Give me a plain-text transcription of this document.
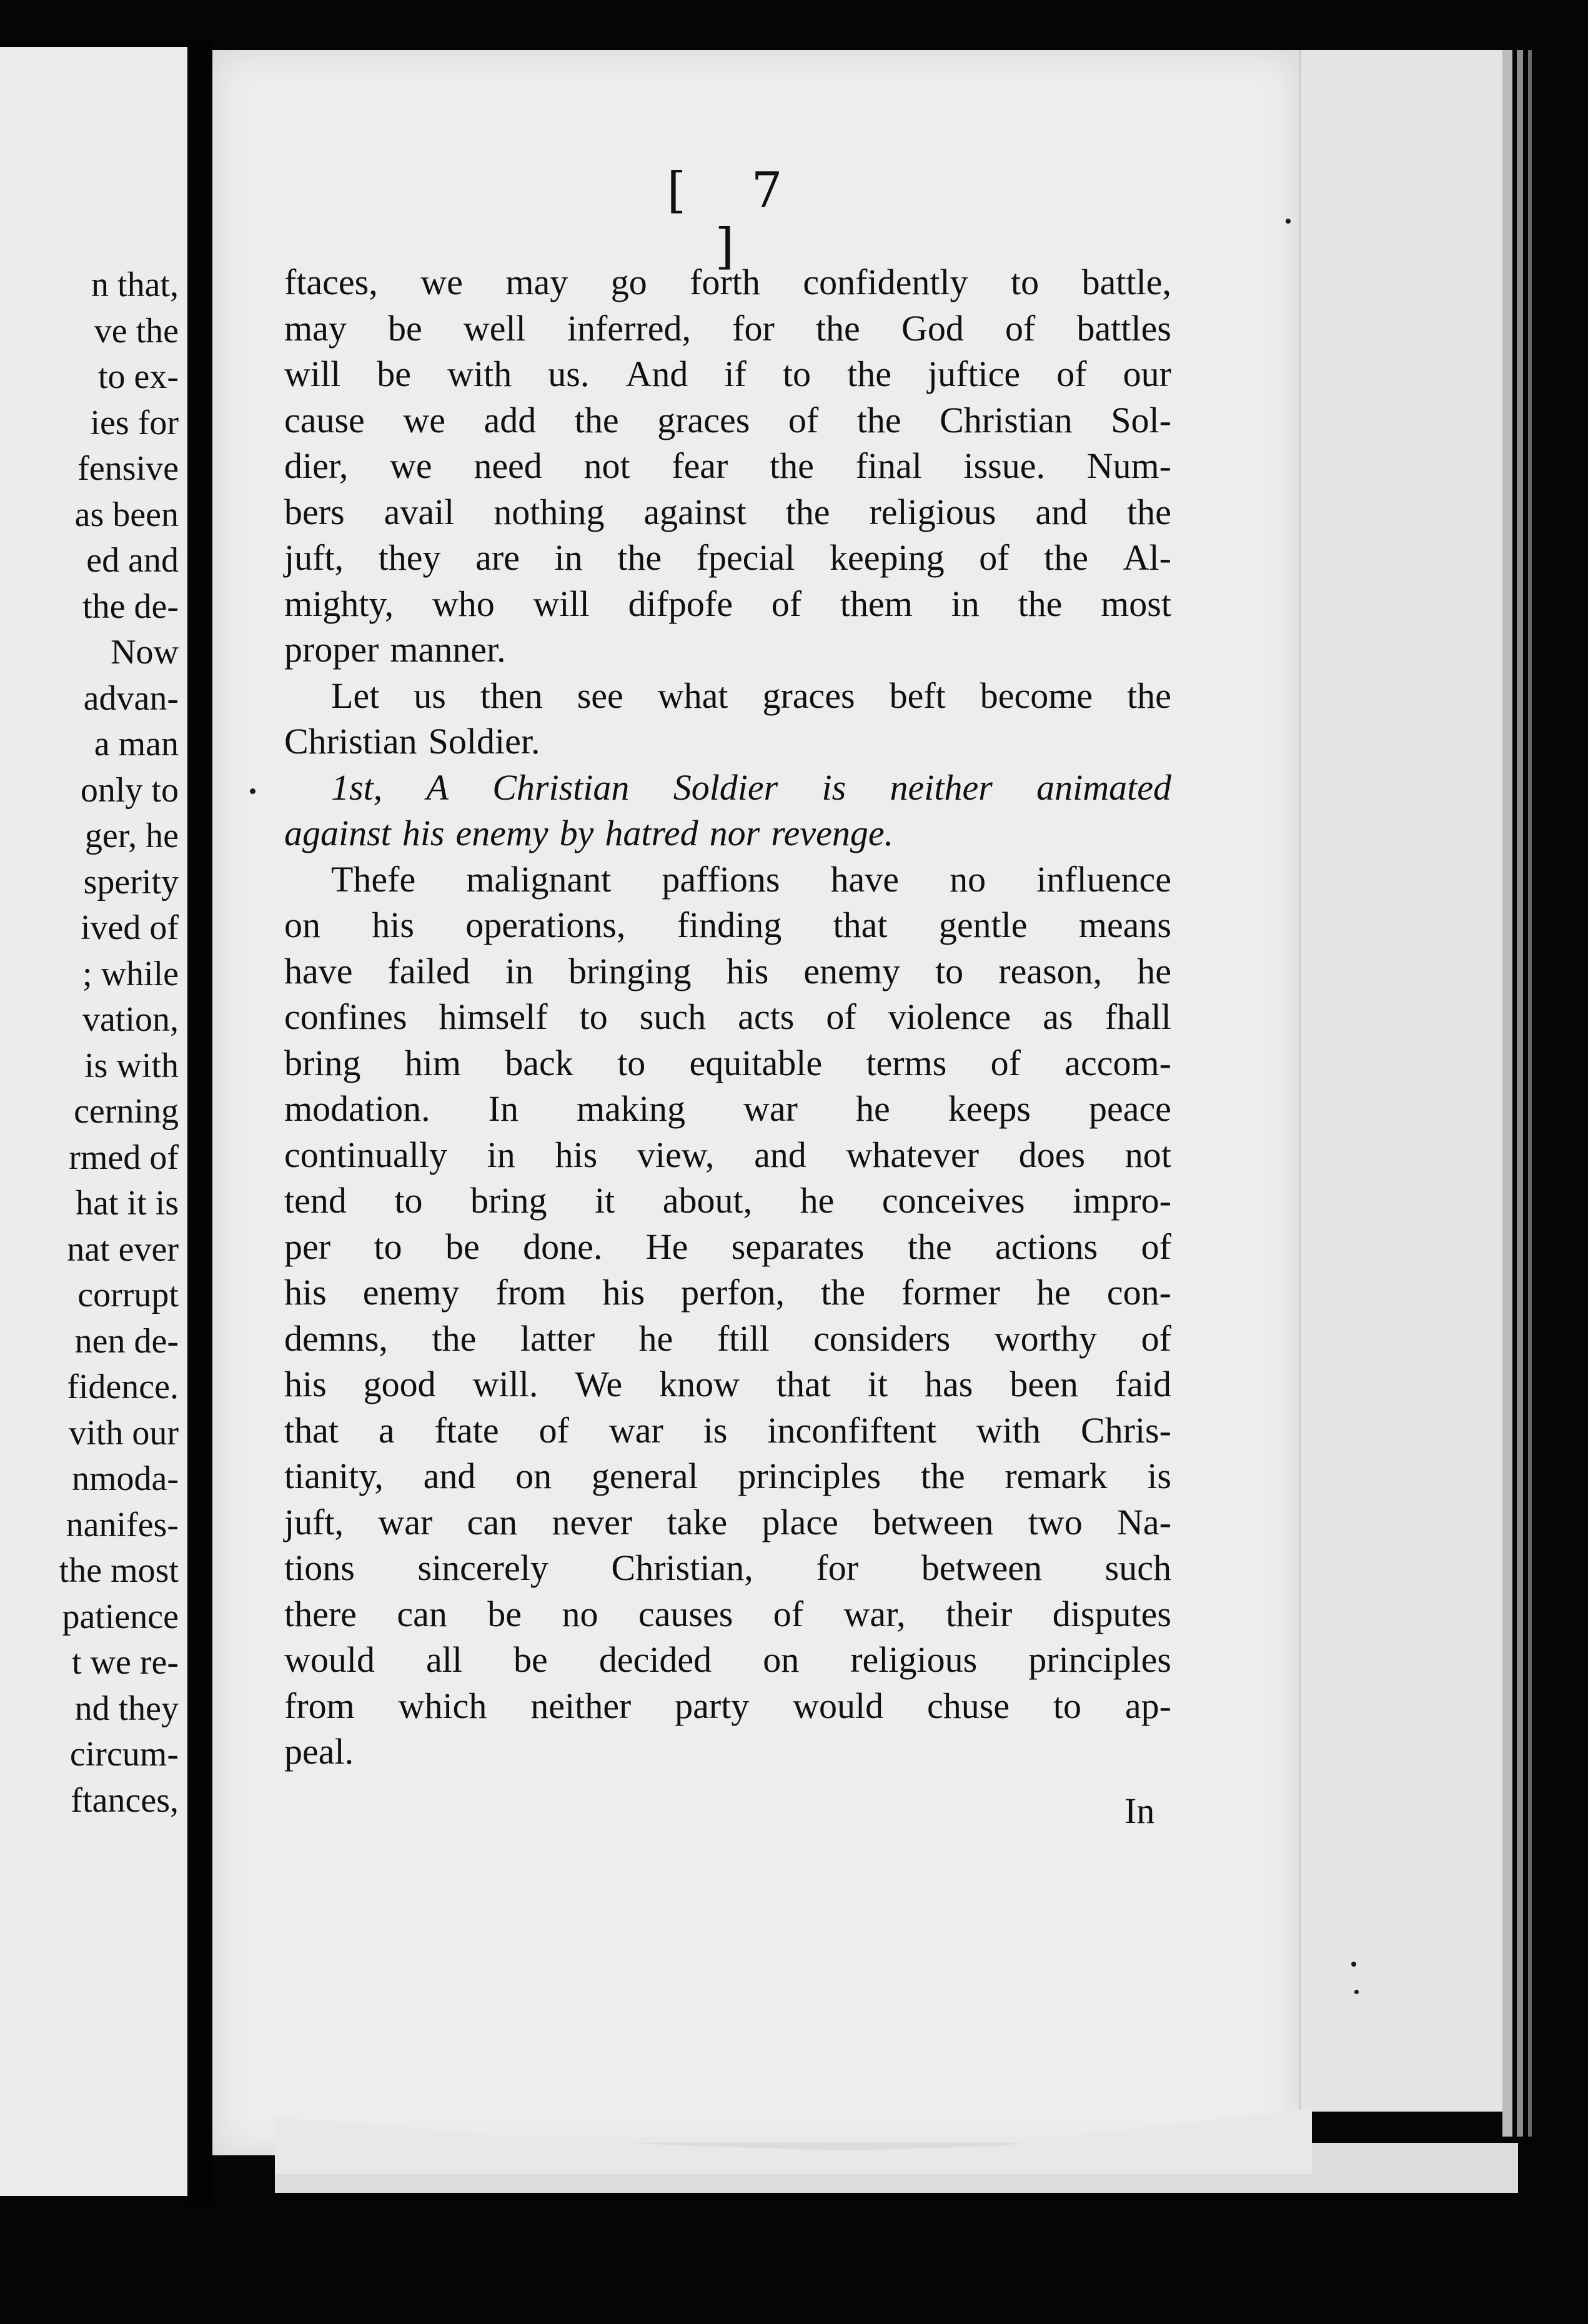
n that,
ve the
to ex-
ies for
fensive
as been
ed and
the de-
Now
advan-
a man
only to
ger, he
sperity
ived of
; while
vation,
is with
cerning
rmed of
hat it is
nat ever
corrupt
nen de-
fidence.
vith our
nmoda-
nanifes-
the most
patience
t we re-
nd they
circum-
ftances,
[ 7 ]
ftaces, we may go forth confidently to battle,
may be well inferred, for the God of battles
will be with us. And if to the juftice of our
cause we add the graces of the Christian Sol-
dier, we need not fear the final issue. Num-
bers avail nothing against the religious and the
juft, they are in the fpecial keeping of the Al-
mighty, who will difpofe of them in the most
proper manner.
Let us then see what graces beft become the
Christian Soldier.
1st, A Christian Soldier is neither animated
against his enemy by hatred nor revenge.
Thefe malignant paffions have no influence
on his operations, finding that gentle means
have failed in bringing his enemy to reason, he
confines himself to such acts of violence as fhall
bring him back to equitable terms of accom-
modation. In making war he keeps peace
continually in his view, and whatever does not
tend to bring it about, he conceives impro-
per to be done. He separates the actions of
his enemy from his perfon, the former he con-
demns, the latter he ftill considers worthy of
his good will. We know that it has been faid
that a ftate of war is inconfiftent with Chris-
tianity, and on general principles the remark is
juft, war can never take place between two Na-
tions sincerely Christian, for between such
there can be no causes of war, their disputes
would all be decided on religious principles
from which neither party would chuse to ap-
peal.
In
